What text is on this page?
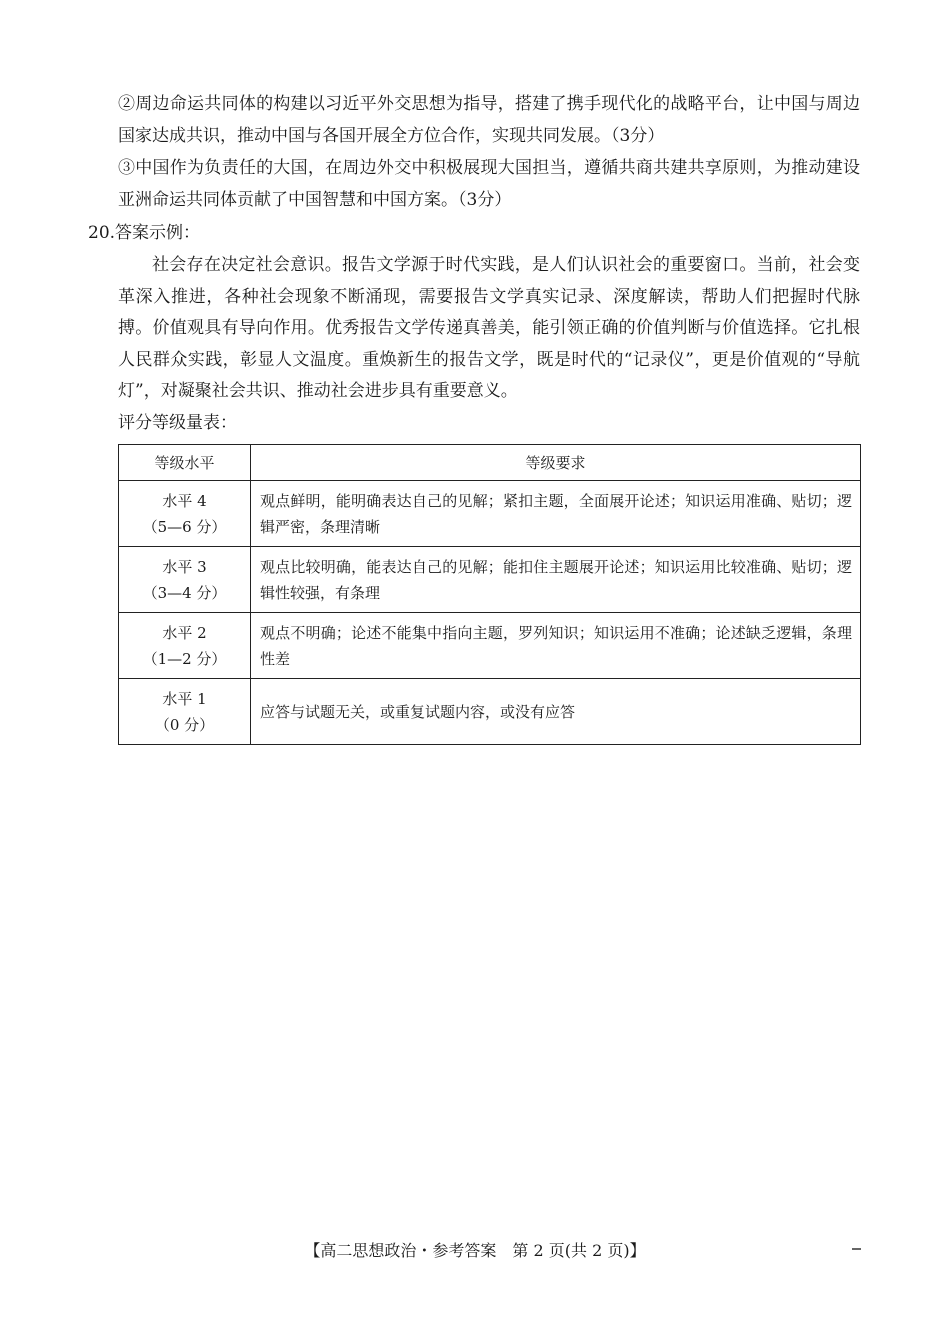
②周边命运共同体的构建以习近平外交思想为指导，搭建了携手现代化的战略平台，让中国与周边国家达成共识，推动中国与各国开展全方位合作，实现共同发展。（3分）

③中国作为负责任的大国，在周边外交中积极展现大国担当，遵循共商共建共享原则，为推动建设亚洲命运共同体贡献了中国智慧和中国方案。（3分）

20.答案示例：

社会存在决定社会意识。报告文学源于时代实践，是人们认识社会的重要窗口。当前，社会变革深入推进，各种社会现象不断涌现，需要报告文学真实记录、深度解读，帮助人们把握时代脉搏。价值观具有导向作用。优秀报告文学传递真善美，能引领正确的价值判断与价值选择。它扎根人民群众实践，彰显人文温度。重焕新生的报告文学，既是时代的“记录仪”，更是价值观的“导航灯”，对凝聚社会共识、推动社会进步具有重要意义。

评分等级量表：

等级水平	等级要求

水平 4
（5—6 分）	观点鲜明，能明确表达自己的见解；紧扣主题，全面展开论述；知识运用准确、贴切；逻辑严密，条理清晰

水平 3
（3—4 分）	观点比较明确，能表达自己的见解；能扣住主题展开论述；知识运用比较准确、贴切；逻辑性较强，有条理

水平 2
（1—2 分）	观点不明确；论述不能集中指向主题，罗列知识；知识运用不准确；论述缺乏逻辑，条理性差

水平 1
（0 分）	应答与试题无关，或重复试题内容，或没有应答
【高二思想政治・参考答案　第 2 页(共 2 页)】
